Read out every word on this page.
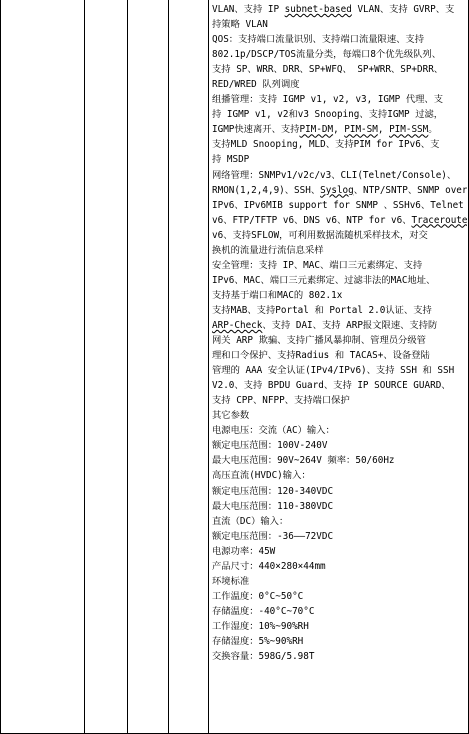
VLAN、支持 IP subnet-based VLAN、支持 GVRP、支
持策略 VLAN
QOS：支持端口流量识别、支持端口流量限速、支持
802.1p/DSCP/TOS流量分类，每端口8个优先级队列、
支持 SP、WRR、DRR、SP+WFQ、 SP+WRR、SP+DRR、
RED/WRED 队列调度
组播管理：支持 IGMP v1, v2, v3, IGMP 代理、支
持 IGMP v1, v2和v3 Snooping、支持IGMP 过滤，
IGMP快速离开、支持PIM-DM, PIM-SM, PIM-SSM。
支持MLD Snooping, MLD、支持PIM for IPv6、支
持 MSDP
网络管理：SNMPv1/v2c/v3、CLI(Telnet/Console)、
RMON(1,2,4,9)、SSH、Syslog、NTP/SNTP、SNMP over
IPv6、IPv6MIB support for SNMP 、SSHv6、Telnet
v6、FTP/TFTP v6、DNS v6、NTP for v6、Traceroute
v6、支持SFLOW，可利用数据流随机采样技术，对交
换机的流量进行流信息采样
安全管理：支持 IP、MAC、端口三元素绑定、支持
IPv6、MAC、端口三元素绑定、过滤非法的MAC地址、
支持基于端口和MAC的 802.1x
支持MAB、支持Portal 和 Portal 2.0认证、支持
ARP-Check、支持 DAI、支持 ARP报文限速、支持防
网关 ARP 欺骗、支持广播风暴抑制、管理员分级管
理和口令保护、支持Radius 和 TACAS+、设备登陆
管理的 AAA 安全认证(IPv4/IPv6)、支持 SSH 和 SSH
V2.0、支持 BPDU Guard、支持 IP SOURCE GUARD、
支持 CPP、NFPP、支持端口保护
其它参数
电源电压：交流（AC）输入：
额定电压范围：100V-240V
最大电压范围：90V~264V 频率：50/60Hz
高压直流(HVDC)输入：
额定电压范围：120-340VDC
最大电压范围：110-380VDC
直流（DC）输入：
额定电压范围：-36——72VDC
电源功率：45W
产品尺寸：440×280×44mm
环境标准
工作温度：0°C~50°C
存储温度：-40°C~70°C
工作湿度：10%~90%RH
存储湿度：5%~90%RH
交换容量：598G/5.98T
